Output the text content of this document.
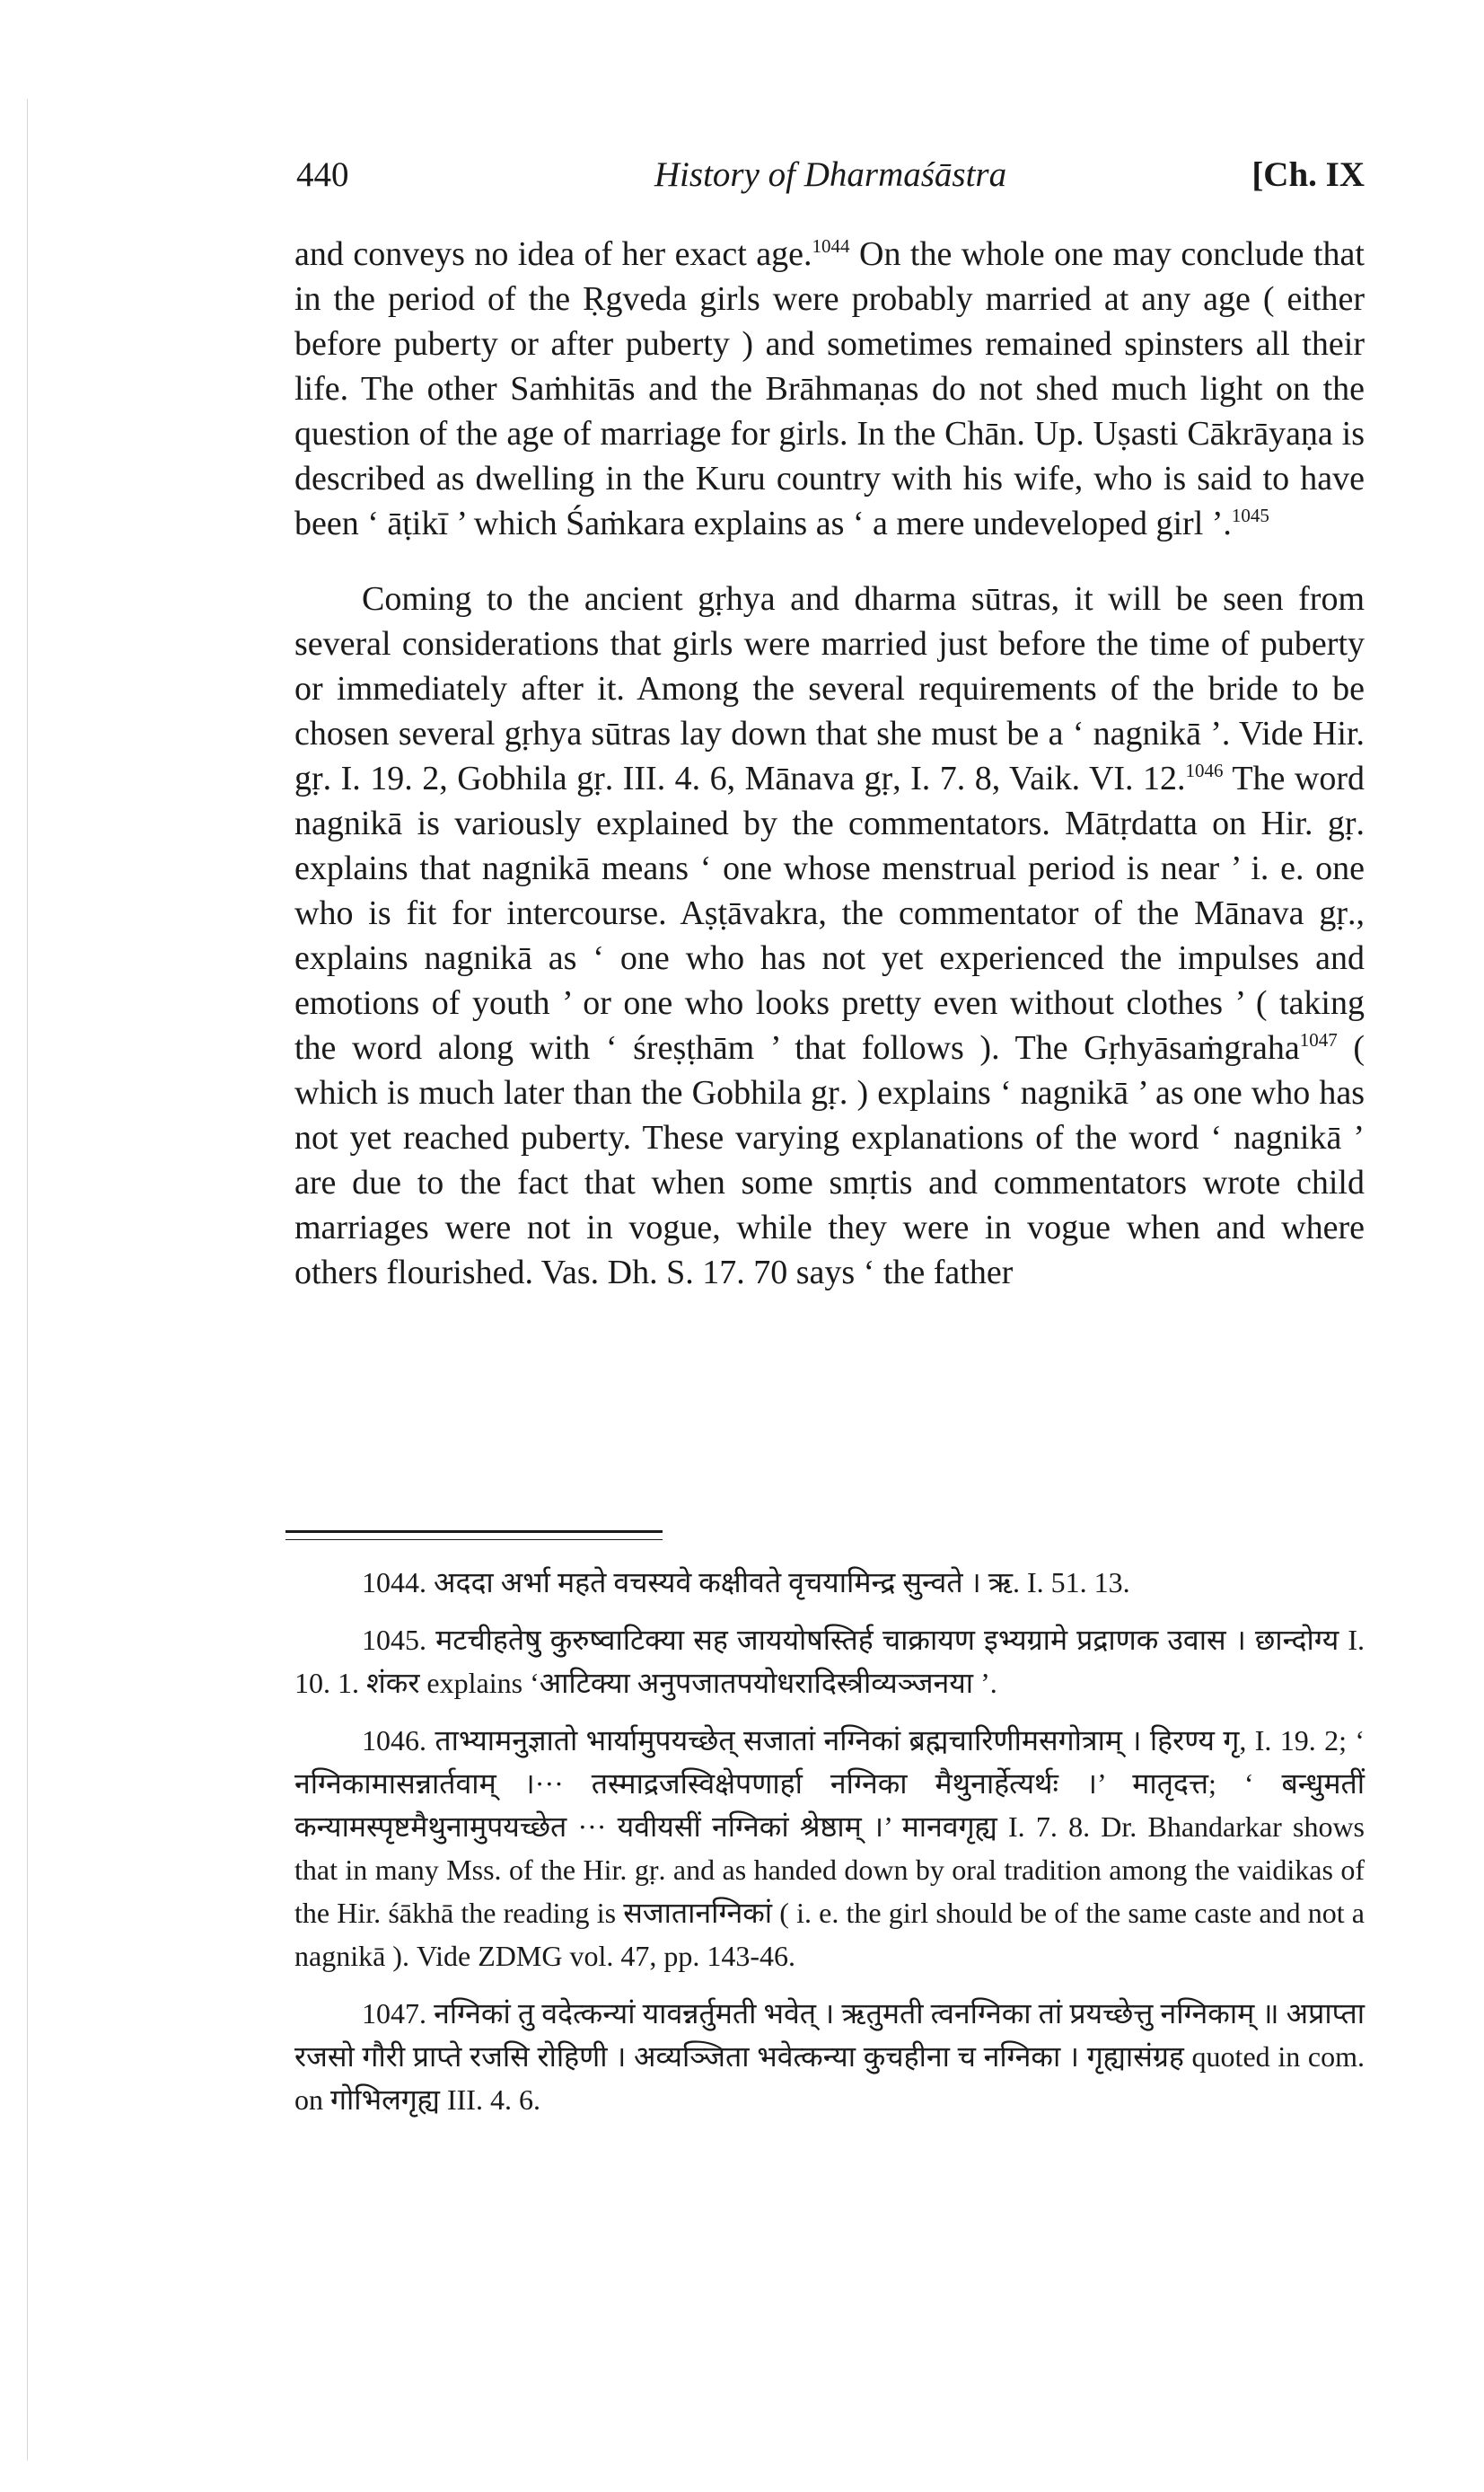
440	History of Dharmaśāstra	[Ch. IX

and conveys no idea of her exact age.$^{1044}$ On the whole one may conclude that in the period of the Ṛgveda girls were probably married at any age ( either before puberty or after puberty ) and sometimes remained spinsters all their life. The other Saṁhitās and the Brāhmaṇas do not shed much light on the question of the age of marriage for girls. In the Chān. Up. Uṣasti Cākrāyaṇa is described as dwelling in the Kuru country with his wife, who is said to have been ‘ āṭikī ’ which Śaṁkara explains as ‘ a mere undeveloped girl ’.$^{1045}$

Coming to the ancient gṛhya and dharma sūtras, it will be seen from several considerations that girls were married just before the time of puberty or immediately after it. Among the several requirements of the bride to be chosen several gṛhya sūtras lay down that she must be a ‘ nagnikā ’. Vide Hir. gṛ. I. 19. 2, Gobhila gṛ. III. 4. 6, Mānava gṛ, I. 7. 8, Vaik. VI. 12.$^{1046}$ The word nagnikā is variously explained by the commentators. Mātṛdatta on Hir. gṛ. explains that nagnikā means ‘ one whose menstrual period is near ’ i. e. one who is fit for intercourse. Aṣṭāvakra, the commentator of the Mānava gṛ., explains nagnikā as ‘ one who has not yet experienced the impulses and emotions of youth ’ or one who looks pretty even without clothes ’ ( taking the word along with ‘ śreṣṭhām ’ that follows ). The Gṛhyāsaṁgraha$^{1047}$ ( which is much later than the Gobhila gṛ. ) explains ‘ nagnikā ’ as one who has not yet reached puberty. These varying explanations of the word ‘ nagnikā ’ are due to the fact that when some smṛtis and commentators wrote child marriages were not in vogue, while they were in vogue when and where others flourished. Vas. Dh. S. 17. 70 says ‘ the father

1044. अददा अर्भा महते वचस्यवे कक्षीवते वृचयामिन्द्र सुन्वते । ऋ. I. 51. 13.
1045. मटचीहतेषु कुरुष्वाटिक्या सह जाययोषस्तिर्ह चाक्रायण इभ्यग्रामे प्रद्राणक उवास । छान्दोग्य I. 10. 1. शंकर explains ‘आटिक्या अनुपजातपयोधरादिस्त्रीव्यञ्जनया ’.
1046. ताभ्यामनुज्ञातो भार्यामुपयच्छेत् सजातां नग्निकां ब्रह्मचारिणीमसगोत्राम् । हिरण्य गृ, I. 19. 2; ‘ नग्निकामासन्नार्तवाम् ।··· तस्माद्रजस्विक्षेपणार्हा नग्निका मैथुनार्हेत्यर्थः ।’ मातृदत्त; ‘ बन्धुमतीं कन्यामस्पृष्टमैथुनामुपयच्छेत ··· यवीयसीं नग्निकां श्रेष्ठाम् ।’ मानवगृह्य I. 7. 8. Dr. Bhandarkar shows that in many Mss. of the Hir. gṛ. and as handed down by oral tradition among the vaidikas of the Hir. śākhā the reading is सजातानग्निकां ( i. e. the girl should be of the same caste and not a nagnikā ). Vide ZDMG vol. 47, pp. 143-46.
1047. नग्निकां तु वदेत्कन्यां यावन्नर्तुमती भवेत् । ऋतुमती त्वनग्निका तां प्रयच्छेत्तु नग्निकाम् ॥ अप्राप्ता रजसो गौरी प्राप्ते रजसि रोहिणी । अव्यञ्जिता भवेत्कन्या कुचहीना च नग्निका । गृह्यासंग्रह quoted in com. on गोभिलगृह्य III. 4. 6.
